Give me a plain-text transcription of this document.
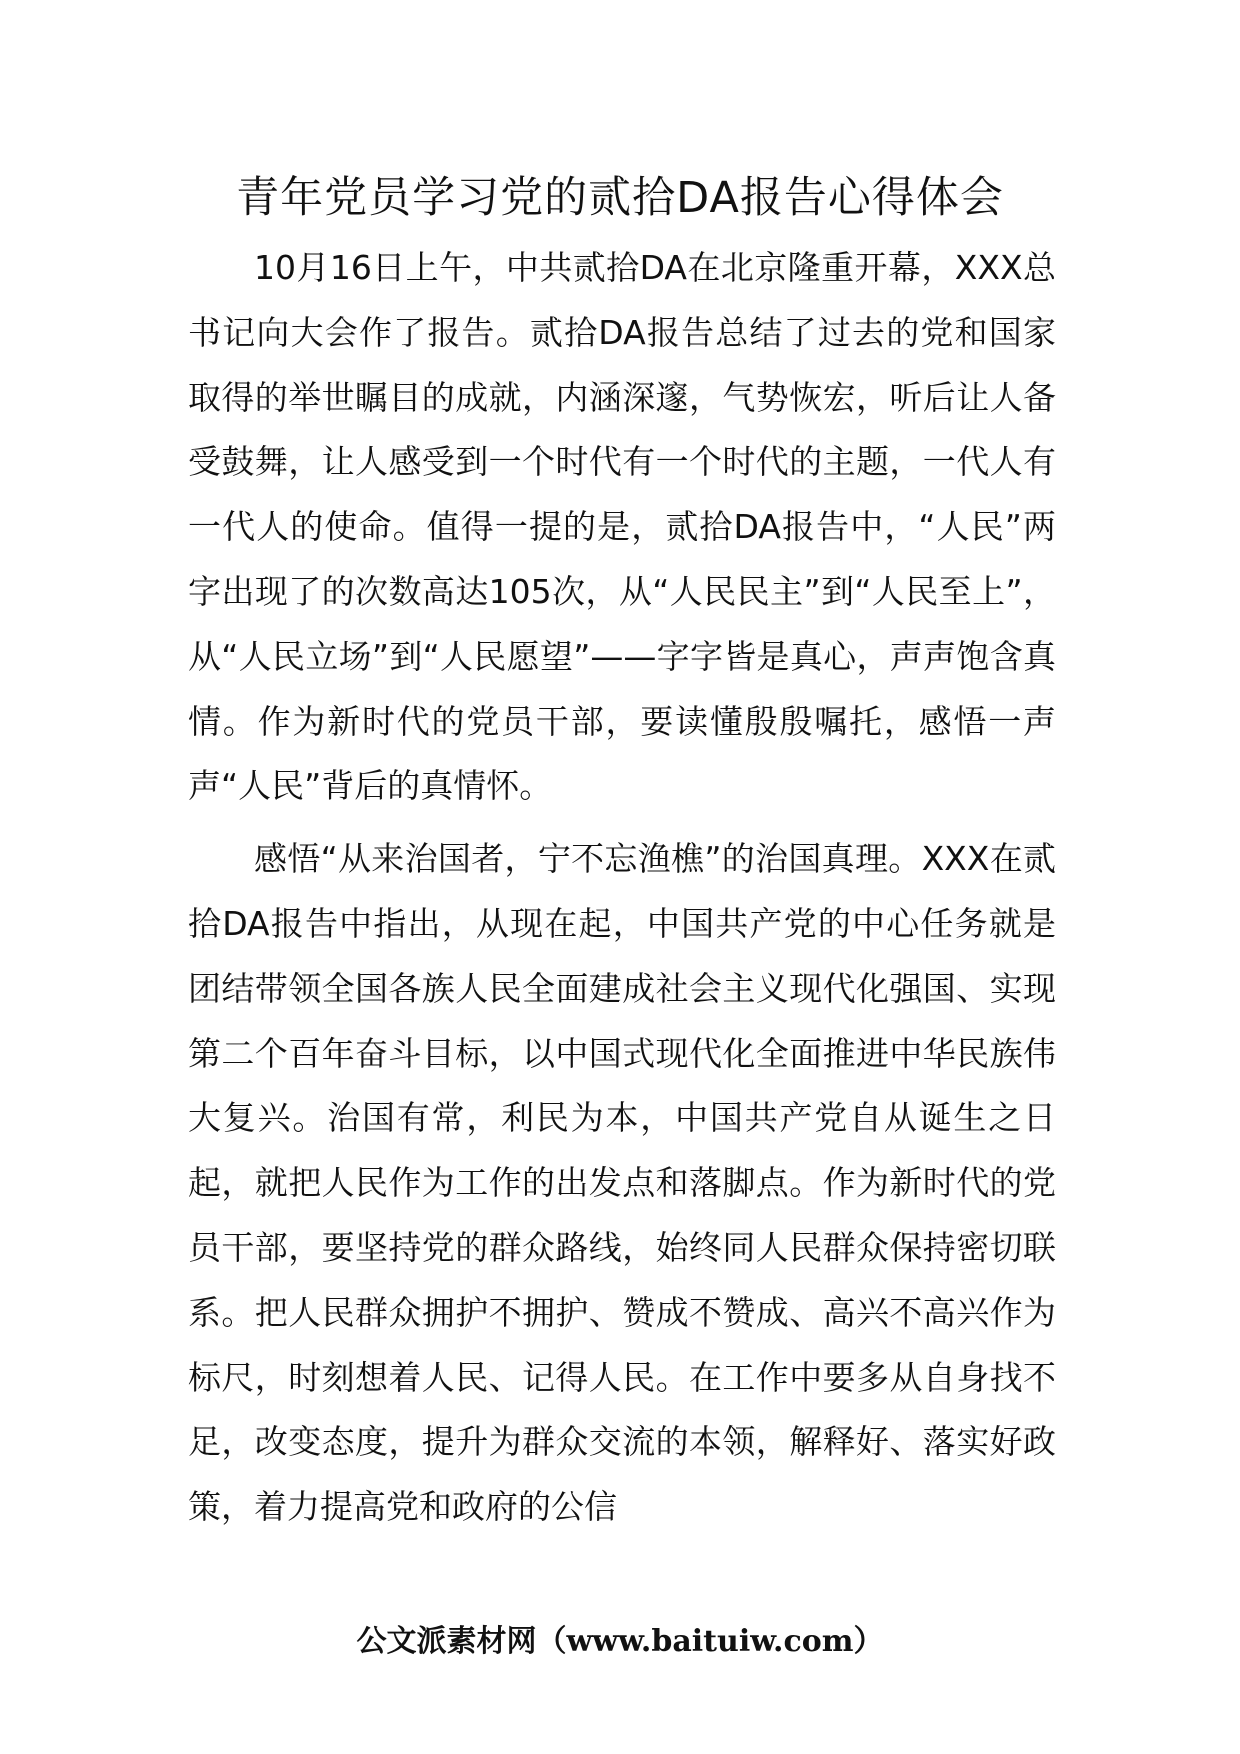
青年党员学习党的贰拾DA报告心得体会

10月16日上午，中共贰拾DA在北京隆重开幕，XXX总书记向大会作了报告。贰拾DA报告总结了过去的党和国家取得的举世瞩目的成就，内涵深邃，气势恢宏，听后让人备受鼓舞，让人感受到一个时代有一个时代的主题，一代人有一代人的使命。值得一提的是，贰拾DA报告中，“人民”两字出现了的次数高达105次，从“人民民主”到“人民至上”，从“人民立场”到“人民愿望”——字字皆是真心，声声饱含真情。作为新时代的党员干部，要读懂殷殷嘱托，感悟一声声“人民”背后的真情怀。

感悟“从来治国者，宁不忘渔樵”的治国真理。XXX在贰拾DA报告中指出，从现在起，中国共产党的中心任务就是团结带领全国各族人民全面建成社会主义现代化强国、实现第二个百年奋斗目标，以中国式现代化全面推进中华民族伟大复兴。治国有常，利民为本，中国共产党自从诞生之日起，就把人民作为工作的出发点和落脚点。作为新时代的党员干部，要坚持党的群众路线，始终同人民群众保持密切联系。把人民群众拥护不拥护、赞成不赞成、高兴不高兴作为标尺，时刻想着人民、记得人民。在工作中要多从自身找不足，改变态度，提升为群众交流的本领，解释好、落实好政策，着力提高党和政府的公信

公文派素材网（www.baituiw.com）
